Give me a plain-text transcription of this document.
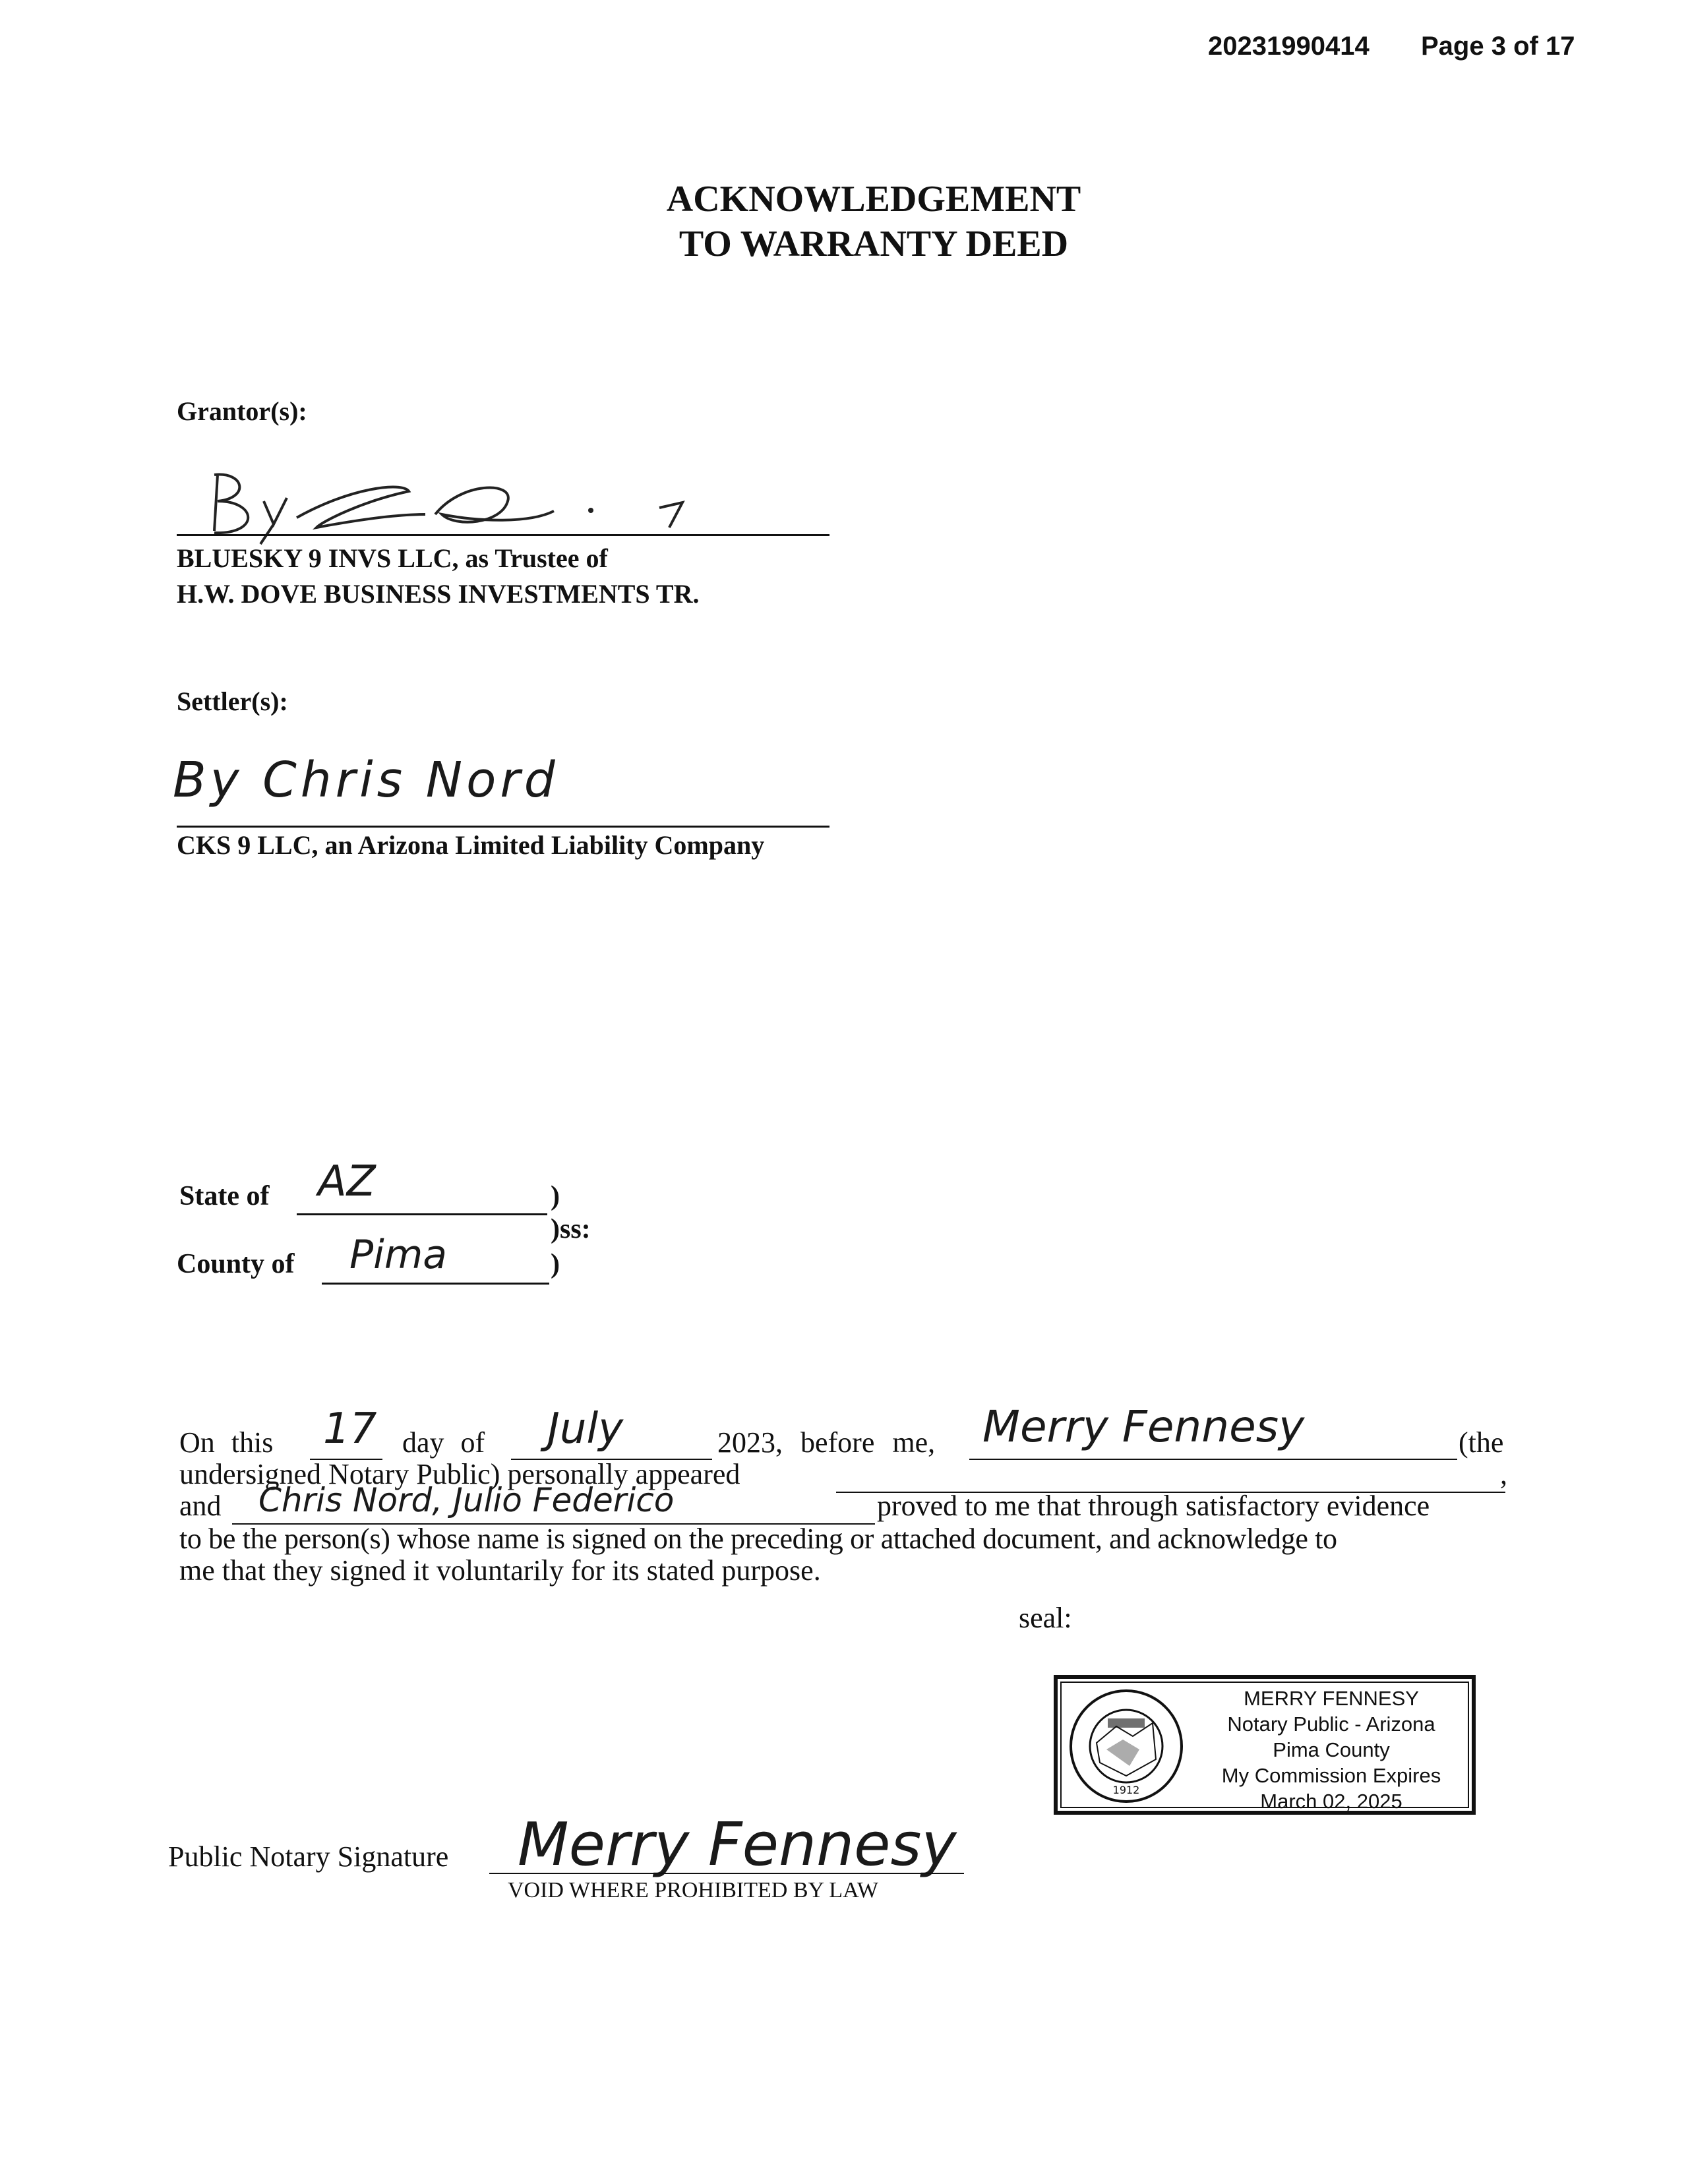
20231990414 Page 3 of 17
ACKNOWLEDGEMENT
TO WARRANTY DEED
Grantor(s):
BLUESKY 9 INVS LLC, as Trustee of
H.W. DOVE BUSINESS INVESTMENTS TR.
Settler(s):
By Chris Nord
CKS 9 LLC, an Arizona Limited Liability Company
State of AZ	)
)ss:
County of Pima	)
On this 17 day of July	2023, before me, Merry Fennesy	(the
undersigned Notary Public) personally appeared	,
and Chris Nord, Julio Federico	proved to me that through satisfactory evidence
to be the person(s) whose name is signed on the preceding or attached document, and acknowledge to
me that they signed it voluntarily for its stated purpose.
seal:
1912
MERRY FENNESY
Notary Public - Arizona
Pima County
My Commission Expires
March 02, 2025
Public Notary Signature Merry Fennesy
VOID WHERE PROHIBITED BY LAW
